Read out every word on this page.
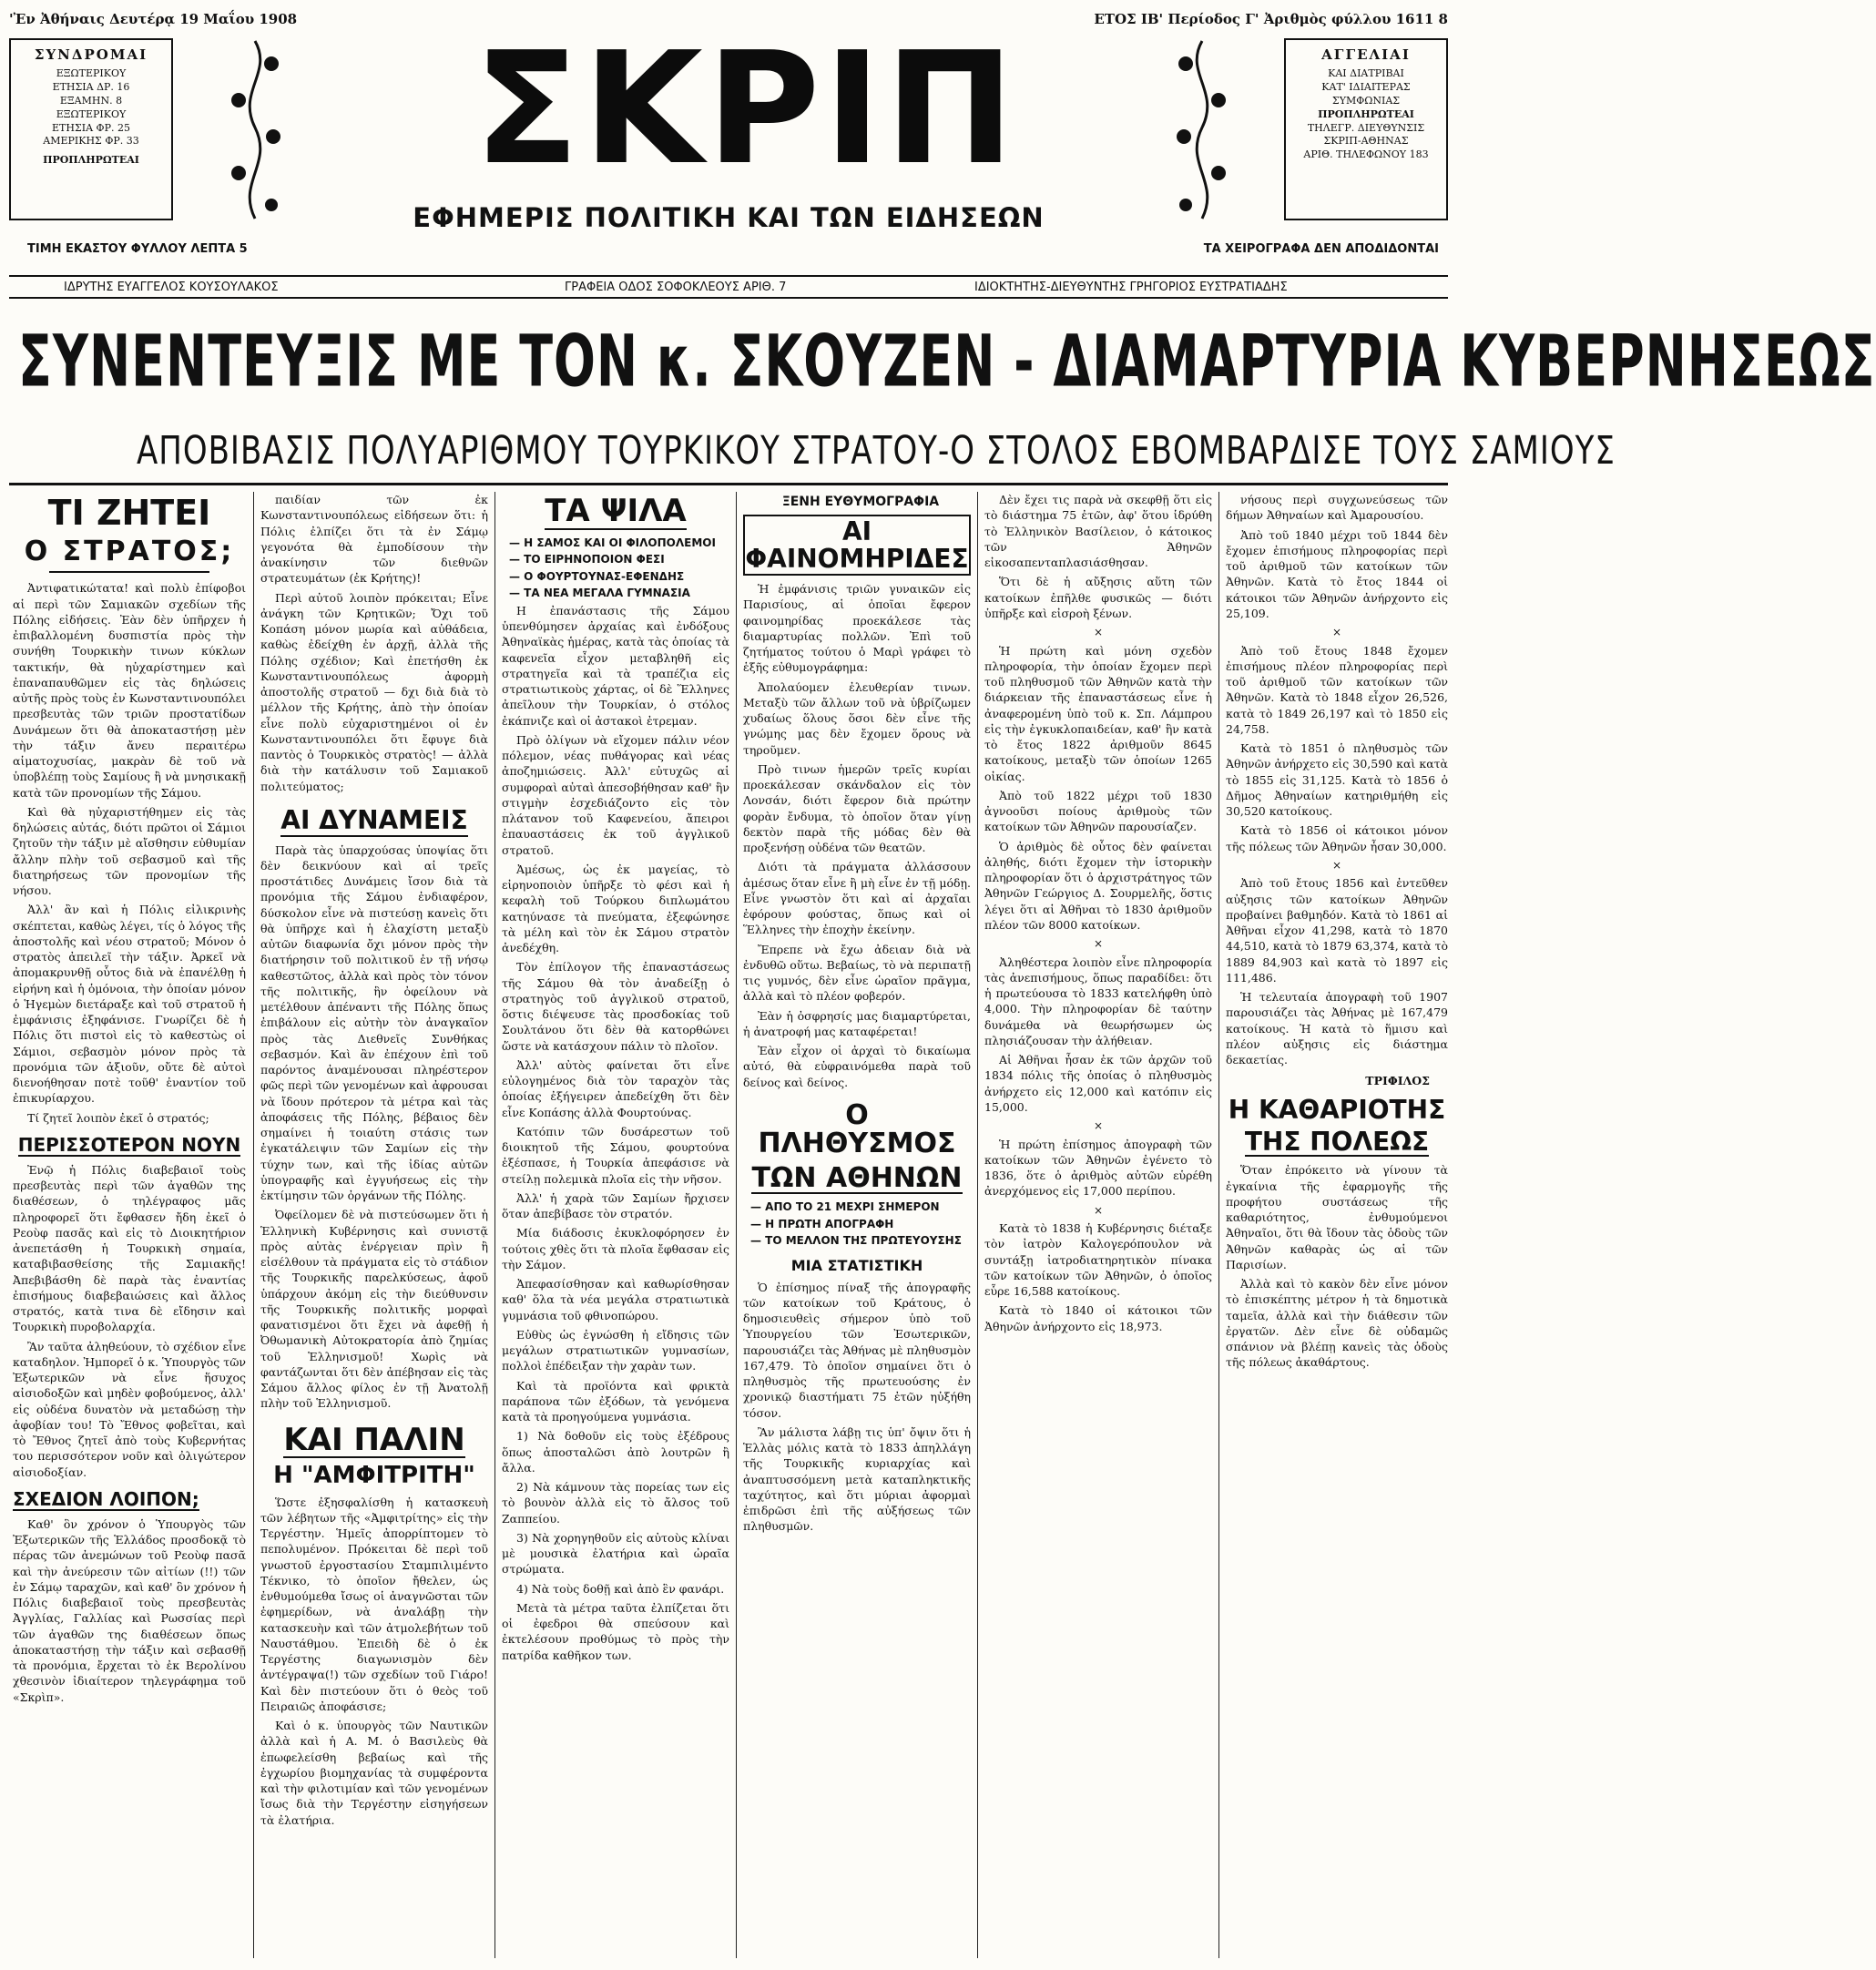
'Ἐν Ἀθήναις Δευτέρᾳ 19 Μαΐου 1908	ΕΤΟΣ ΙΒ' Περίοδος Γ' Ἀριθμὸς φύλλου 1611 8
ΣΥΝΔΡΟΜΑΙ

ΕΞΩΤΕΡΙΚΟΥ

ΕΤΗΣΙΑ ΔΡ. 16

ΕΞΑΜΗΝ. 8

ΕΞΩΤΕΡΙΚΟΥ

ΕΤΗΣΙΑ ΦΡ. 25

ΑΜΕΡΙΚΗΣ ΦΡ. 33

ΠΡΟΠΛΗΡΩΤΕΑΙ ΣΚΡΙΠ
ΕΦΗΜΕΡΙΣ ΠΟΛΙΤΙΚΗ ΚΑΙ ΤΩΝ ΕΙΔΗΣΕΩΝ
ΑΓΓΕΛΙΑΙ

ΚΑΙ ΔΙΑΤΡΙΒΑΙ

ΚΑΤ' ΙΔΙΑΙΤΕΡΑΣ

ΣΥΜΦΩΝΙΑΣ

ΠΡΟΠΛΗΡΩΤΕΑΙ

ΤΗΛΕΓΡ. ΔΙΕΥΘΥΝΣΙΣ

ΣΚΡΙΠ-ΑΘΗΝΑΣ

ΑΡΙΘ. ΤΗΛΕΦΩΝΟΥ 183

ΤΙΜΗ ΕΚΑΣΤΟΥ ΦΥΛΛΟΥ ΛΕΠΤΑ 5	ΤΑ ΧΕΙΡΟΓΡΑΦΑ ΔΕΝ ΑΠΟΔΙΔΟΝΤΑΙ
ΙΔΡΥΤΗΣ ΕΥΑΓΓΕΛΟΣ ΚΟΥΣΟΥΛΑΚΟΣ	ΓΡΑΦΕΙΑ ΟΔΟΣ ΣΟΦΟΚΛΕΟΥΣ ΑΡΙΘ. 7	ΙΔΙΟΚΤΗΤΗΣ-ΔΙΕΥΘΥΝΤΗΣ ΓΡΗΓΟΡΙΟΣ ΕΥΣΤΡΑΤΙΑΔΗΣ
ΣΥΝΕΝΤΕΥΞΙΣ ΜΕ ΤΟΝ κ. ΣΚΟΥΖΕΝ - ΔΙΑΜΑΡΤΥΡΙΑ ΚΥΒΕΡΝΗΣΕΩΣ
ΑΠΟΒΙΒΑΣΙΣ ΠΟΛΥΑΡΙΘΜΟΥ ΤΟΥΡΚΙΚΟΥ ΣΤΡΑΤΟΥ-Ο ΣΤΟΛΟΣ ΕΒΟΜΒΑΡΔΙΣΕ ΤΟΥΣ ΣΑΜΙΟΥΣ
ΤΙ ΖΗΤΕΙ
Ο ΣΤΡΑΤΟΣ;

Ἀντιφατικώτατα! καὶ πολὺ ἐπίφοβοι αἱ περὶ τῶν Σαμιακῶν σχεδίων τῆς Πόλης εἰδήσεις. Ἐὰν δὲν ὑπῆρχεν ἡ ἐπιβαλλομένη δυσπιστία πρὸς τὴν συνήθη Τουρκικὴν τινων κύκλων τακτικήν, θὰ ηὐχαρίστημεν καὶ ἐπαναπαυθῶμεν εἰς τὰς δηλώσεις αὐτῆς πρὸς τοὺς ἐν Κωνσταντινουπόλει πρεσβευτὰς τῶν τριῶν προστατίδων Δυνάμεων ὅτι θὰ ἀποκαταστήσῃ μὲν τὴν τάξιν ἄνευ περαιτέρω αἱματοχυσίας, μακρὰν δὲ τοῦ νὰ ὑποβλέπῃ τοὺς Σαμίους ἢ νὰ μνησικακῇ κατὰ τῶν προνομίων τῆς Σάμου.

Καὶ θὰ ηὐχαριστήθημεν εἰς τὰς δηλώσεις αὐτάς, διότι πρῶτοι οἱ Σάμιοι ζητοῦν τὴν τάξιν μὲ αἴσθησιν εὐθυμίαν ἄλλην πλὴν τοῦ σεβασμοῦ καὶ τῆς διατηρήσεως τῶν προνομίων τῆς νήσου.

Ἀλλ' ἂν καὶ ἡ Πόλις εἰλικρινὴς σκέπτεται, καθὼς λέγει, τίς ὁ λόγος τῆς ἀποστολῆς καὶ νέου στρατοῦ; Μόνον ὁ στρατὸς ἀπειλεῖ τὴν τάξιν. Ἀρκεῖ νὰ ἀπομακρυνθῇ οὗτος διὰ νὰ ἐπανέλθῃ ἡ εἰρήνη καὶ ἡ ὁμόνοια, τὴν ὁποίαν μόνον ὁ Ἡγεμὼν διετάραξε καὶ τοῦ στρατοῦ ἡ ἐμφάνισις ἐξηφάνισε. Γνωρίζει δὲ ἡ Πόλις ὅτι πιστοὶ εἰς τὸ καθεστὼς οἱ Σάμιοι, σεβασμὸν μόνον πρὸς τὰ προνόμια τῶν ἀξιοῦν, οὔτε δὲ αὐτοὶ διενοήθησαν ποτὲ τοῦθ' ἐναντίον τοῦ ἐπικυρίαρχου.

Τί ζητεῖ λοιπὸν ἐκεῖ ὁ στρατός;

ΠΕΡΙΣΣΟΤΕΡΟΝ ΝΟΥΝ

Ἐνῷ ἡ Πόλις διαβεβαιοῖ τοὺς πρεσβευτὰς περὶ τῶν ἀγαθῶν της διαθέσεων, ὁ τηλέγραφος μᾶς πληροφορεῖ ὅτι ἔφθασεν ἤδη ἐκεῖ ὁ Ρεοὺφ πασᾶς καὶ εἰς τὸ Διοικητήριον ἀνεπετάσθη ἡ Τουρκικὴ σημαία, καταβιβασθείσης τῆς Σαμιακῆς! Ἀπεβιβάσθη δὲ παρὰ τὰς ἐναντίας ἐπισήμους διαβεβαιώσεις καὶ ἄλλος στρατός, κατὰ τινα δὲ εἴδησιν καὶ Τουρκικὴ πυροβολαρχία.

Ἂν ταῦτα ἀληθεύουν, τὸ σχέδιον εἶνε καταδηλον. Ἠμπορεῖ ὁ κ. Ὑπουργὸς τῶν Ἐξωτερικῶν νὰ εἶνε ἥσυχος αἰσιοδοξῶν καὶ μηδὲν φοβούμενος, ἀλλ' εἰς οὐδένα δυνατὸν νὰ μεταδώσῃ τὴν ἀφοβίαν του! Τὸ Ἔθνος φοβεῖται, καὶ τὸ Ἔθνος ζητεῖ ἀπὸ τοὺς Κυβερνήτας του περισσότερον νοῦν καὶ ὀλιγώτερον αἰσιοδοξίαν.

ΣΧΕΔΙΟΝ ΛΟΙΠΟΝ;

Καθ' ὃν χρόνον ὁ Ὑπουργὸς τῶν Ἐξωτερικῶν τῆς Ἑλλάδος προσδοκᾷ τὸ πέρας τῶν ἀνεμώνων τοῦ Ρεοὺφ πασᾶ καὶ τὴν ἀνεύρεσιν τῶν αἰτίων (!!) τῶν ἐν Σάμῳ ταραχῶν, καὶ καθ' ὃν χρόνον ἡ Πόλις διαβεβαιοῖ τοὺς πρεσβευτὰς Ἀγγλίας, Γαλλίας καὶ Ρωσσίας περὶ τῶν ἀγαθῶν της διαθέσεων ὅπως ἀποκαταστήσῃ τὴν τάξιν καὶ σεβασθῇ τὰ προνόμια, ἔρχεται τὸ ἐκ Βερολίνου χθεσινὸν ἰδιαίτερον τηλεγράφημα τοῦ «Σκρὶπ».

παιδίαν τῶν ἐκ Κωνσταντινουπόλεως εἰδήσεων ὅτι: ἡ Πόλις ἐλπίζει ὅτι τὰ ἐν Σάμῳ γεγονότα θὰ ἐμποδίσουν τὴν ἀνακίνησιν τῶν διεθνῶν στρατευμάτων (ἐκ Κρήτης)!

Περὶ αὐτοῦ λοιπὸν πρόκειται; Εἶνε ἀνάγκη τῶν Κρητικῶν; Ὄχι τοῦ Κοπάση μόνον μωρία καὶ αὐθάδεια, καθὼς ἐδείχθη ἐν ἀρχῇ, ἀλλὰ τῆς Πόλης σχέδιον; Καὶ ἐπετήσθη ἐκ Κωνσταντινουπόλεως ἀφορμὴ ἀποστολῆς στρατοῦ — δχι διὰ διὰ τὸ μέλλον τῆς Κρήτης, ἀπὸ τὴν ὁποίαν εἶνε πολὺ εὐχαριστημένοι οἱ ἐν Κωνσταντινουπόλει ὅτι ἔφυγε διὰ παντὸς ὁ Τουρκικὸς στρατὸς! — ἀλλὰ διὰ τὴν κατάλυσιν τοῦ Σαμιακοῦ πολιτεύματος;

ΑΙ ΔΥΝΑΜΕΙΣ

Παρὰ τὰς ὑπαρχούσας ὑποψίας ὅτι δὲν δεικνύουν καὶ αἱ τρεῖς προστάτιδες Δυνάμεις ἴσον διὰ τὰ προνόμια τῆς Σάμου ἐνδιαφέρον, δύσκολον εἶνε νὰ πιστεύσῃ κανεὶς ὅτι θὰ ὑπῆρχε καὶ ἡ ἐλαχίστη μεταξὺ αὐτῶν διαφωνία ὄχι μόνον πρὸς τὴν διατήρησιν τοῦ πολιτικοῦ ἐν τῇ νήσῳ καθεστῶτος, ἀλλὰ καὶ πρὸς τὸν τόνον τῆς πολιτικῆς, ἣν ὀφείλουν νὰ μετέλθουν ἀπέναντι τῆς Πόλης ὅπως ἐπιβάλουν εἰς αὐτὴν τὸν ἀναγκαῖον πρὸς τὰς Διεθνεῖς Συνθήκας σεβασμόν. Καὶ ἂν ἐπέχουν ἐπὶ τοῦ παρόντος ἀναμένουσαι πληρέστερον φῶς περὶ τῶν γενομένων καὶ ἀφρουσαι νὰ ἴδουν πρότερον τὰ μέτρα καὶ τὰς ἀποφάσεις τῆς Πόλης, βέβαιος δὲν σημαίνει ἡ τοιαύτη στάσις των ἐγκατάλειψιν τῶν Σαμίων εἰς τὴν τύχην των, καὶ τῆς ἰδίας αὐτῶν ὑπογραφῆς καὶ ἐγγυήσεως εἰς τὴν ἐκτίμησιν τῶν ὀργάνων τῆς Πόλης.

Ὀφείλομεν δὲ νὰ πιστεύσωμεν ὅτι ἡ Ἑλληνικὴ Κυβέρνησις καὶ συνιστᾷ πρὸς αὐτὰς ἐνέργειαν πρὶν ἢ εἰσέλθουν τὰ πράγματα εἰς τὸ στάδιον τῆς Τουρκικῆς παρελκύσεως, ἀφοῦ ὑπάρχουν ἀκόμη εἰς τὴν διεύθυνσιν τῆς Τουρκικῆς πολιτικῆς μορφαὶ φανατισμένοι ὅτι ἔχει νὰ ἀφεθῇ ἡ Ὀθωμανικὴ Αὐτοκρατορία ἀπὸ ζημίας τοῦ Ἑλληνισμοῦ! Χωρὶς νὰ φαντάζωνται ὅτι δὲν ἀπέβησαν εἰς τὰς Σάμου ἄλλος φίλος ἐν τῇ Ἀνατολῇ πλὴν τοῦ Ἑλληνισμοῦ.

ΚΑΙ ΠΑΛΙΝ
Η "ΑΜΦΙΤΡΙΤΗ"

Ὥστε ἐξησφαλίσθη ἡ κατασκευὴ τῶν λέβητων τῆς «Ἀμφιτρίτης» εἰς τὴν Τεργέστην. Ἡμεῖς ἀπορρίπτομεν τὸ πεπολυμένον. Πρόκειται δὲ περὶ τοῦ γνωστοῦ ἐργοστασίου Σταμπιλιμέντο Τέκνικο, τὸ ὁποῖον ἤθελεν, ὡς ἐνθυμούμεθα ἴσως οἱ ἀναγνῶσται τῶν ἐφημερίδων, νὰ ἀναλάβῃ τὴν κατασκευὴν καὶ τῶν ἀτμολεβήτων τοῦ Ναυστάθμου. Ἐπειδὴ δὲ ὁ ἐκ Τεργέστης διαγωνισμὸν δὲν ἀντέγραψα(!) τῶν σχεδίων τοῦ Γιάρο! Καὶ δὲν πιστεύουν ὅτι ὁ θεὸς τοῦ Πειραιῶς ἀποφάσισε;

Καὶ ὁ κ. ὑπουργὸς τῶν Ναυτικῶν ἀλλὰ καὶ ἡ Α. Μ. ὁ Βασιλεὺς θὰ ἐπωφελείσθη βεβαίως καὶ τῆς ἐγχωρίου βιομηχανίας τὰ συμφέροντα καὶ τὴν φιλοτιμίαν καὶ τῶν γενομένων ἴσως διὰ τὴν Τεργέστην εἰσηγήσεων τὰ ἐλατήρια.

ΤΑ ΨΙΛΑ
— Η ΣΑΜΟΣ ΚΑΙ ΟΙ ΦΙΛΟΠΟΛΕΜΟΙ
— ΤΟ ΕΙΡΗΝΟΠΟΙΟΝ ΦΕΣΙ
— Ο ΦΟΥΡΤΟΥΝΑΣ-ΕΦΕΝΔΗΣ
— ΤΑ ΝΕΑ ΜΕΓΑΛΑ ΓΥΜΝΑΣΙΑ

Η ἐπανάστασις τῆς Σάμου ὑπενθύμησεν ἀρχαίας καὶ ἐνδόξους Ἀθηναϊκὰς ἡμέρας, κατὰ τὰς ὁποίας τὰ καφενεῖα εἶχον μεταβληθῆ εἰς στρατηγεῖα καὶ τὰ τραπέζια εἰς στρατιωτικοὺς χάρτας, οἱ δὲ Ἕλληνες ἀπεῖλουν τὴν Τουρκίαν, ὁ στόλος ἐκάπνιζε καὶ οἱ ἀστακοὶ ἐτρεμαν.

Πρὸ ὀλίγων νὰ εἴχομεν πάλιν νέον πόλεμον, νέας πυθάγορας καὶ νέας ἀποζημιώσεις. Ἀλλ' εὐτυχῶς αἱ συμφοραὶ αὐταὶ ἀπεσοβήθησαν καθ' ἣν στιγμὴν ἐσχεδιάζοντο εἰς τὸν πλάτανον τοῦ Καφενείου, ἄπειροι ἐπαυαστάσεις ἐκ τοῦ ἀγγλικοῦ στρατοῦ.

Ἀμέσως, ὡς ἐκ μαγείας, τὸ εἰρηνοποιὸν ὑπῆρξε τὸ φέσι καὶ ἡ κεφαλὴ τοῦ Τούρκου διπλωμάτου κατηύνασε τὰ πνεύματα, ἐξεφώνησε τὰ μέλη καὶ τὸν ἐκ Σάμου στρατὸν ἀνεδέχθη.

Τὸν ἐπίλογον τῆς ἐπαναστάσεως τῆς Σάμου θὰ τὸν ἀναδείξῃ ὁ στρατηγὸς τοῦ ἀγγλικοῦ στρατοῦ, ὅστις διέψευσε τὰς προσδοκίας τοῦ Σουλτάνου ὅτι δὲν θὰ κατορθώνει ὥστε νὰ κατάσχουν πάλιν τὸ πλοῖον.

Ἀλλ' αὐτὸς φαίνεται ὅτι εἶνε εὐλογημένος διὰ τὸν ταραχὸν τὰς ὁποίας ἐξήγειρεν ἀπεδείχθη ὅτι δὲν εἶνε Κοπάσης ἀλλὰ Φουρτούνας.

Κατόπιν τῶν δυσάρεστων τοῦ διοικητοῦ τῆς Σάμου, φουρτούνα ἐξέσπασε, ἡ Τουρκία ἀπεφάσισε νὰ στείλῃ πολεμικὰ πλοῖα εἰς τὴν νῆσον.

Ἀλλ' ἡ χαρὰ τῶν Σαμίων ἤρχισεν ὅταν ἀπεβίβασε τὸν στρατόν.

Μία διάδοσις ἐκυκλοφόρησεν ἐν τούτοις χθὲς ὅτι τὰ πλοῖα ἔφθασαν εἰς τὴν Σάμον.

Ἀπεφασίσθησαν καὶ καθωρίσθησαν καθ' ὅλα τὰ νέα μεγάλα στρατιωτικὰ γυμνάσια τοῦ φθινοπώρου.

Εὐθὺς ὡς ἐγνώσθη ἡ εἴδησις τῶν μεγάλων στρατιωτικῶν γυμνασίων, πολλοὶ ἐπέδειξαν τὴν χαρὰν των.

Καὶ τὰ προϊόντα καὶ φρικτὰ παράπονα τῶν ἐξόδων, τὰ γενόμενα κατὰ τὰ προηγούμενα γυμνάσια.

1) Νὰ δοθοῦν εἰς τοὺς ἐξέδρους ὅπως ἀποσταλῶσι ἀπὸ λουτρῶν ἢ ἄλλα.

2) Νὰ κάμνουν τὰς πορείας των εἰς τὸ βουνὸν ἀλλὰ εἰς τὸ ἄλσος τοῦ Ζαππείου.

3) Νὰ χορηγηθοῦν εἰς αὐτοὺς κλίναι μὲ μουσικὰ ἐλατήρια καὶ ὠραῖα στρώματα.

4) Νὰ τοὺς δοθῇ καὶ ἀπὸ ἓν φανάρι.

Μετὰ τὰ μέτρα ταῦτα ἐλπίζεται ὅτι οἱ ἐφεδροι θὰ σπεύσουν καὶ ἐκτελέσουν προθύμως τὸ πρὸς τὴν πατρίδα καθῆκον των.

ΞΕΝΗ ΕΥΘΥΜΟΓΡΑΦΙΑ
ΑΙ ΦΑΙΝΟΜΗΡΙΔΕΣ

Ἡ ἐμφάνισις τριῶν γυναικῶν εἰς Παρισίους, αἱ ὁποῖαι ἔφερον φαινομηρίδας προεκάλεσε τὰς διαμαρτυρίας πολλῶν. Ἐπὶ τοῦ ζητήματος τούτου ὁ Μαρὶ γράφει τὸ ἑξῆς εὐθυμογράφημα:

Ἀπολαύομεν ἐλευθερίαν τινων. Μεταξὺ τῶν ἄλλων τοῦ νὰ ὑβρίζωμεν χυδαίως ὅλους ὅσοι δὲν εἶνε τῆς γνώμης μας δὲν ἔχομεν ὅρους νὰ τηροῦμεν.

Πρὸ τινων ἡμερῶν τρεῖς κυρίαι προεκάλεσαν σκάνδαλον εἰς τὸν Λονσάν, διότι ἔφερον διὰ πρώτην φορὰν ἔνδυμα, τὸ ὁποῖον ὅταν γίνῃ δεκτὸν παρὰ τῆς μόδας δὲν θὰ προξενήσῃ οὐδένα τῶν θεατῶν.

Διότι τὰ πράγματα ἀλλάσσουν ἀμέσως ὅταν εἶνε ἢ μὴ εἶνε ἐν τῇ μόδῃ. Εἶνε γνωστὸν ὅτι καὶ αἱ ἀρχαῖαι ἐφόρουν φούστας, ὅπως καὶ οἱ Ἕλληνες τὴν ἐποχὴν ἐκείνην.

Ἔπρεπε νὰ ἔχω ἀδειαν διὰ νὰ ἐνδυθῶ οὕτω. Βεβαίως, τὸ νὰ περιπατῇ τις γυμνός, δὲν εἶνε ὡραῖον πρᾶγμα, ἀλλὰ καὶ τὸ πλέον φοβερόν.

Ἐὰν ἡ ὀσφρησίς μας διαμαρτύρεται, ἡ ἀνατροφή μας καταφέρεται!

Ἐὰν εἶχον οἱ ἀρχαὶ τὸ δικαίωμα αὐτό, θὰ εὐφραινόμεθα παρὰ τοῦ δείνος καὶ δείνος.

Ο ΠΛΗΘΥΣΜΟΣ
ΤΩΝ ΑΘΗΝΩΝ
— ΑΠΟ ΤΟ 21 ΜΕΧΡΙ ΣΗΜΕΡΟΝ
— Η ΠΡΩΤΗ ΑΠΟΓΡΑΦΗ
— ΤΟ ΜΕΛΛΟΝ ΤΗΣ ΠΡΩΤΕΥΟΥΣΗΣ
ΜΙΑ ΣΤΑΤΙΣΤΙΚΗ

Ὁ ἐπίσημος πίναξ τῆς ἀπογραφῆς τῶν κατοίκων τοῦ Κράτους, ὁ δημοσιευθεὶς σήμερον ὑπὸ τοῦ Ὑπουργείου τῶν Ἐσωτερικῶν, παρουσιάζει τὰς Ἀθήνας μὲ πληθυσμὸν 167,479. Τὸ ὁποῖον σημαίνει ὅτι ὁ πληθυσμὸς τῆς πρωτευούσης ἐν χρονικῷ διαστήματι 75 ἐτῶν ηὐξήθη τόσον.

Ἂν μάλιστα λάβῃ τις ὑπ' ὄψιν ὅτι ἡ Ἑλλὰς μόλις κατὰ τὸ 1833 ἀπηλλάγη τῆς Τουρκικῆς κυριαρχίας καὶ ἀναπτυσσόμενη μετὰ καταπληκτικῆς ταχύτητος, καὶ ὅτι μύριαι ἀφορμαὶ ἐπιδρῶσι ἐπὶ τῆς αὐξήσεως τῶν πληθυσμῶν.

Δὲν ἔχει τις παρὰ νὰ σκεφθῇ ὅτι εἰς τὸ διάστημα 75 ἐτῶν, ἀφ' ὅτου ἱδρύθη τὸ Ἑλληνικὸν Βασίλειον, ὁ κάτοικος τῶν Ἀθηνῶν εἰκοσαπενταπλασιάσθησαν.

Ὅτι δὲ ἡ αὔξησις αὕτη τῶν κατοίκων ἐπῆλθε φυσικῶς — διότι ὑπῆρξε καὶ εἰσροὴ ξένων.

×

Ἡ πρώτη καὶ μόνη σχεδὸν πληροφορία, τὴν ὁποίαν ἔχομεν περὶ τοῦ πληθυσμοῦ τῶν Ἀθηνῶν κατὰ τὴν διάρκειαν τῆς ἐπαναστάσεως εἶνε ἡ ἀναφερομένη ὑπὸ τοῦ κ. Σπ. Λάμπρου εἰς τὴν ἐγκυκλοπαιδείαν, καθ' ἣν κατὰ τὸ ἔτος 1822 ἀριθμοῦν 8645 κατοίκους, μεταξὺ τῶν ὁποίων 1265 οἰκίας.

Ἀπὸ τοῦ 1822 μέχρι τοῦ 1830 ἀγνοοῦσι ποίους ἀριθμοὺς τῶν κατοίκων τῶν Ἀθηνῶν παρουσίαζεν.

Ὁ ἀριθμὸς δὲ οὗτος δὲν φαίνεται ἀληθής, διότι ἔχομεν τὴν ἱστορικὴν πληροφορίαν ὅτι ὁ ἀρχιστράτηγος τῶν Ἀθηνῶν Γεώργιος Δ. Σουρμελῆς, ὅστις λέγει ὅτι αἱ Ἀθῆναι τὸ 1830 ἀριθμοῦν πλέον τῶν 8000 κατοίκων.

×

Ἀληθέστερα λοιπὸν εἶνε πληροφορία τὰς ἀνεπισήμους, ὅπως παραδίδει: ὅτι ἡ πρωτεύουσα τὸ 1833 κατελήφθη ὑπὸ 4,000. Τὴν πληροφορίαν δὲ ταύτην δυνάμεθα νὰ θεωρήσωμεν ὡς πλησιάζουσαν τὴν ἀλήθειαν.

Αἱ Ἀθῆναι ἦσαν ἐκ τῶν ἀρχῶν τοῦ 1834 πόλις τῆς ὁποίας ὁ πληθυσμὸς ἀνήρχετο εἰς 12,000 καὶ κατόπιν εἰς 15,000.

×

Ἡ πρώτη ἐπίσημος ἀπογραφὴ τῶν κατοίκων τῶν Ἀθηνῶν ἐγένετο τὸ 1836, ὅτε ὁ ἀριθμὸς αὐτῶν εὑρέθη ἀνερχόμενος εἰς 17,000 περίπου.

×

Κατὰ τὸ 1838 ἡ Κυβέρνησις διέταξε τὸν ἰατρὸν Καλογερόπουλον νὰ συντάξῃ ἰατροδιατηρητικὸν πίνακα τῶν κατοίκων τῶν Ἀθηνῶν, ὁ ὁποῖος εὗρε 16,588 κατοίκους.

Κατὰ τὸ 1840 οἱ κάτοικοι τῶν Ἀθηνῶν ἀνήρχοντο εἰς 18,973.

νήσους περὶ συγχωνεύσεως τῶν δήμων Ἀθηναίων καὶ Ἀμαρουσίου.

Ἀπὸ τοῦ 1840 μέχρι τοῦ 1844 δὲν ἔχομεν ἐπισήμους πληροφορίας περὶ τοῦ ἀριθμοῦ τῶν κατοίκων τῶν Ἀθηνῶν. Κατὰ τὸ ἔτος 1844 οἱ κάτοικοι τῶν Ἀθηνῶν ἀνήρχοντο εἰς 25,109.

×

Ἀπὸ τοῦ ἔτους 1848 ἔχομεν ἐπισήμους πλέον πληροφορίας περὶ τοῦ ἀριθμοῦ τῶν κατοίκων τῶν Ἀθηνῶν. Κατὰ τὸ 1848 εἶχον 26,526, κατὰ τὸ 1849 26,197 καὶ τὸ 1850 εἰς 24,758.

Κατὰ τὸ 1851 ὁ πληθυσμὸς τῶν Ἀθηνῶν ἀνήρχετο εἰς 30,590 καὶ κατὰ τὸ 1855 εἰς 31,125. Κατὰ τὸ 1856 ὁ Δῆμος Ἀθηναίων κατηριθμήθη εἰς 30,520 κατοίκους.

Κατὰ τὸ 1856 οἱ κάτοικοι μόνον τῆς πόλεως τῶν Ἀθηνῶν ἦσαν 30,000.

×

Ἀπὸ τοῦ ἔτους 1856 καὶ ἐντεῦθεν αὐξησις τῶν κατοίκων Ἀθηνῶν προβαίνει βαθμηδόν. Κατὰ τὸ 1861 αἱ Ἀθῆναι εἶχον 41,298, κατὰ τὸ 1870 44,510, κατὰ τὸ 1879 63,374, κατὰ τὸ 1889 84,903 καὶ κατὰ τὸ 1897 εἰς 111,486.

Ἡ τελευταία ἀπογραφὴ τοῦ 1907 παρουσιάζει τὰς Ἀθήνας μὲ 167,479 κατοίκους. Ἡ κατὰ τὸ ἥμισυ καὶ πλέον αὐξησις εἰς διάστημα δεκαετίας.

ΤΡΙΦΙΛΟΣ
Η ΚΑΘΑΡΙΟΤΗΣ
ΤΗΣ ΠΟΛΕΩΣ

Ὅταν ἐπρόκειτο νὰ γίνουν τὰ ἐγκαίνια τῆς ἐφαρμογῆς τῆς προφήτου συστάσεως τῆς καθαριότητος, ἐνθυμούμενοι Ἀθηναῖοι, ὅτι θὰ ἴδουν τὰς ὁδοὺς τῶν Ἀθηνῶν καθαρὰς ὡς αἱ τῶν Παρισίων.

Ἀλλὰ καὶ τὸ κακὸν δὲν εἶνε μόνον τὸ ἐπισκέπτης μέτρον ἡ τὰ δημοτικὰ ταμεῖα, ἀλλὰ καὶ τὴν διάθεσιν τῶν ἐργατῶν. Δὲν εἶνε δὲ οὐδαμῶς σπάνιον νὰ βλέπῃ κανεὶς τὰς ὁδοὺς τῆς πόλεως ἀκαθάρτους.
